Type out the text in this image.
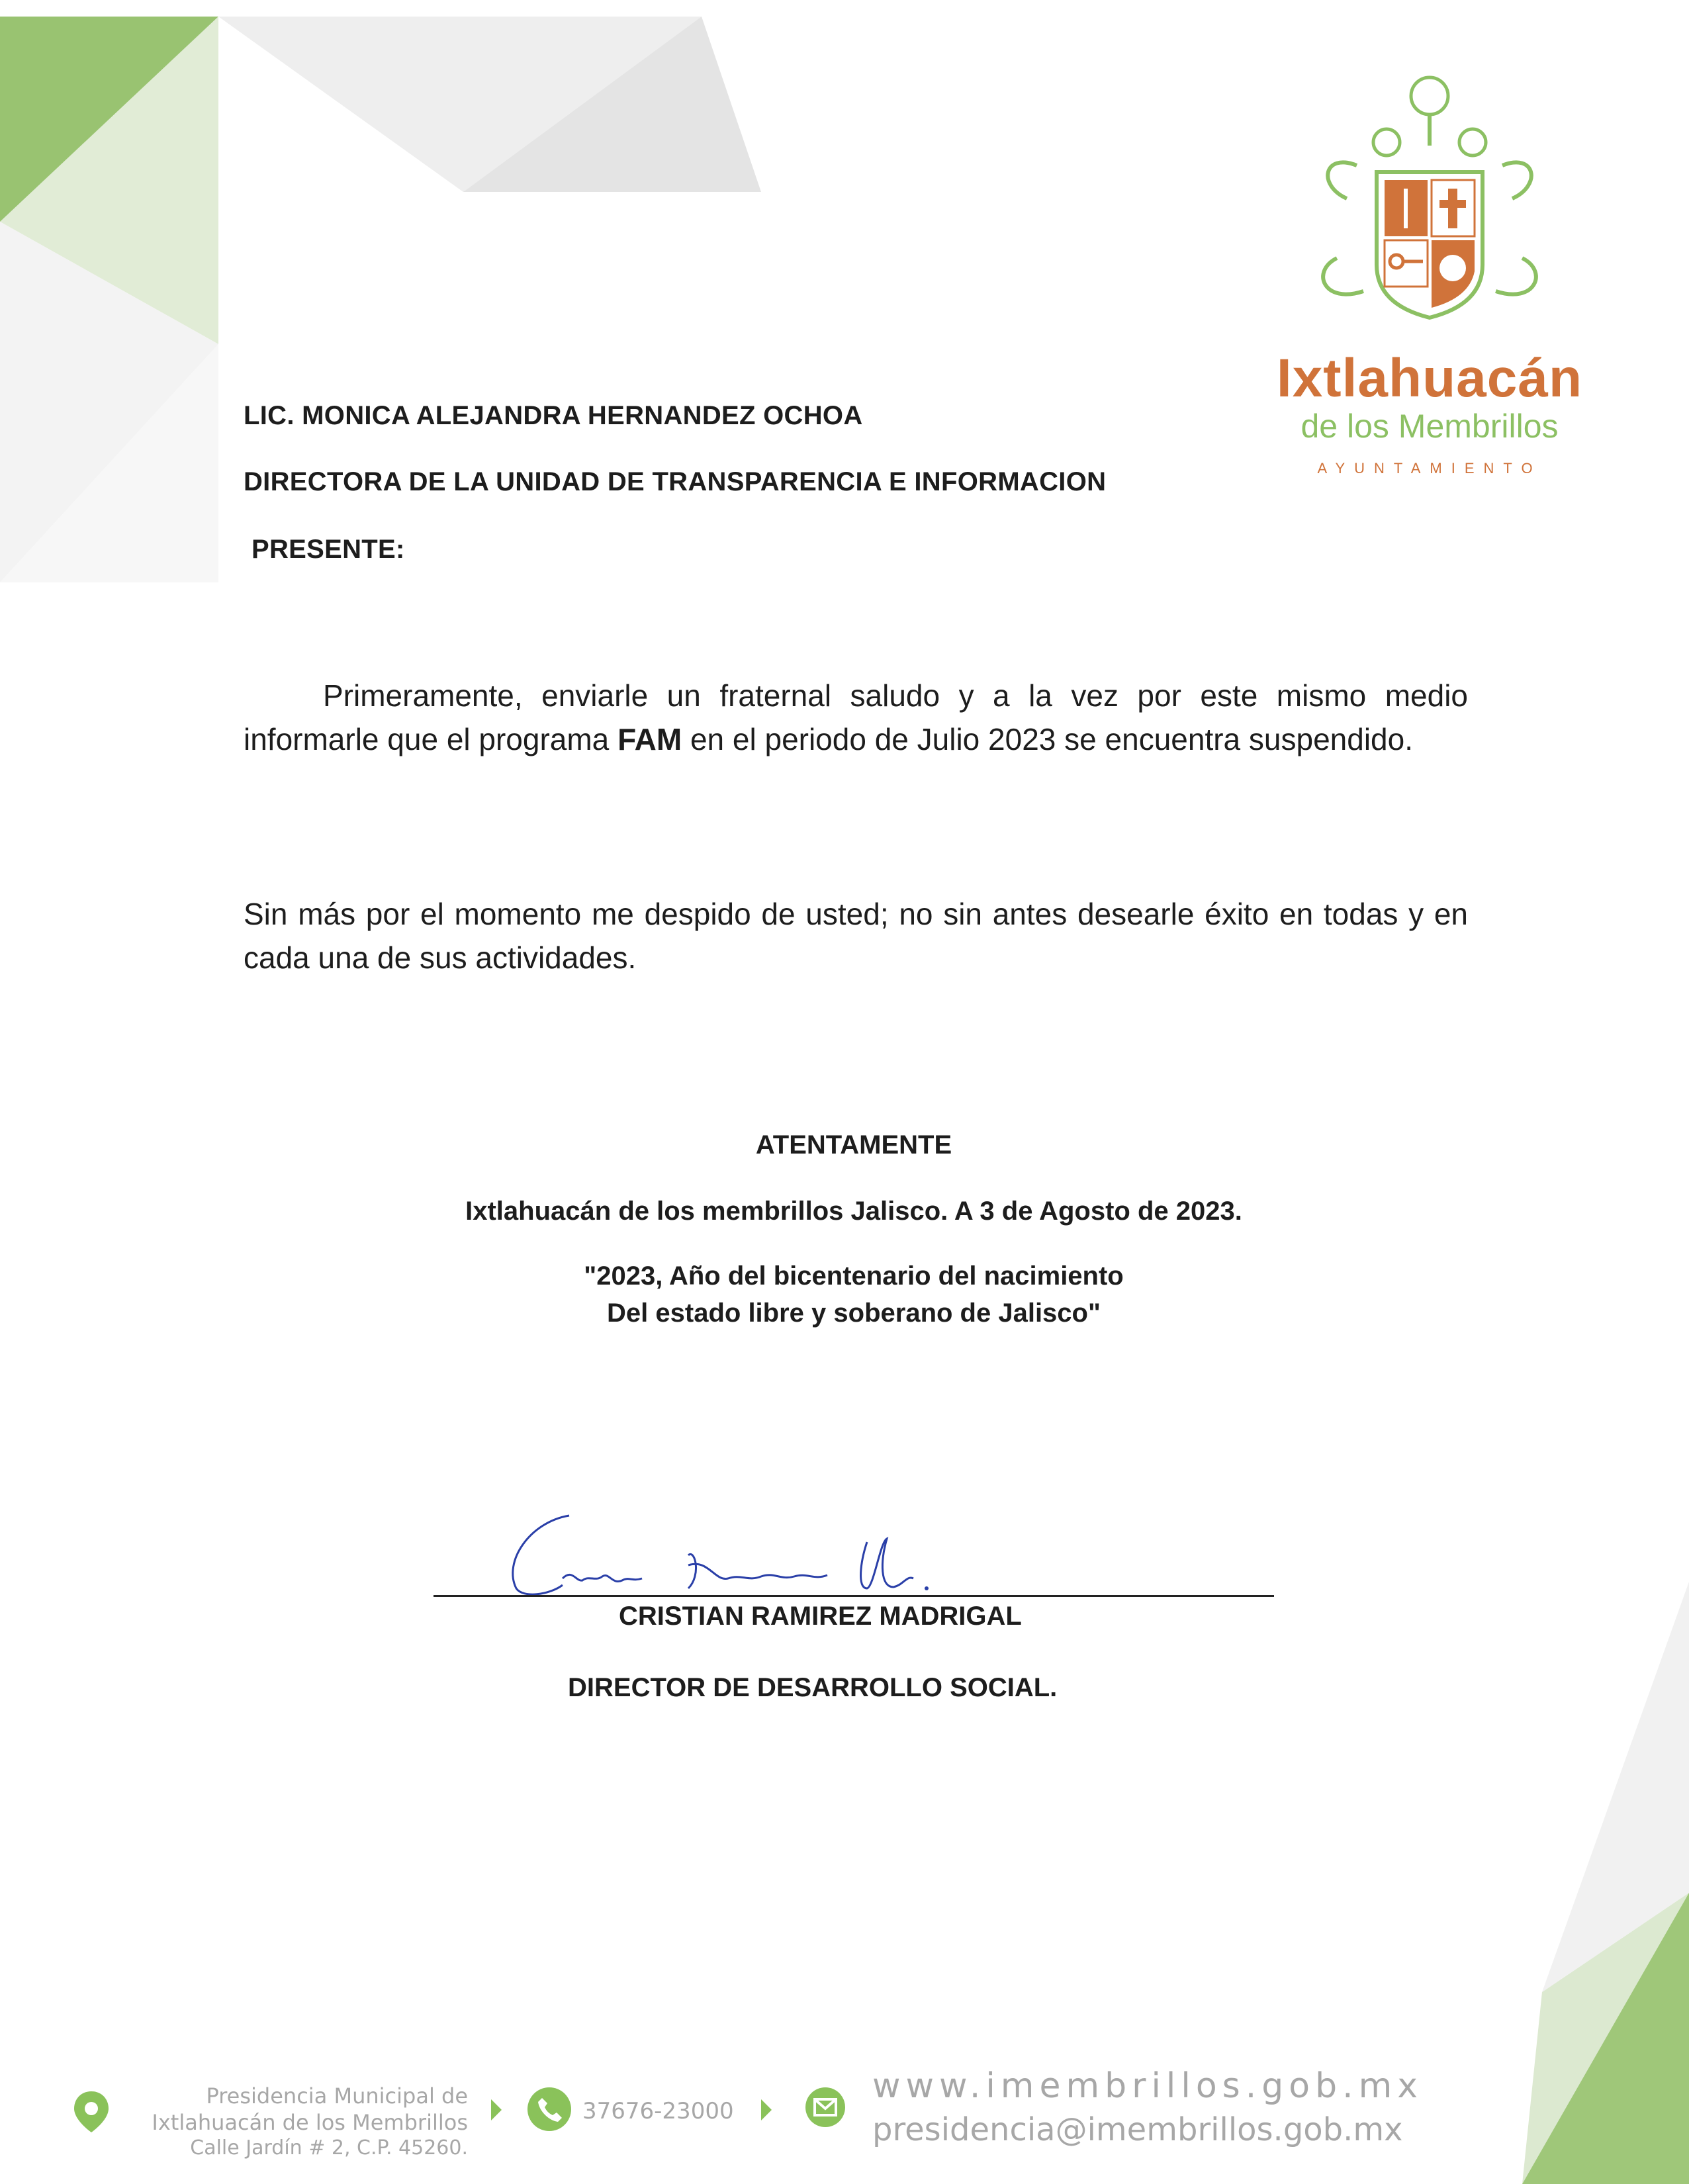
Ixtlahuacán
de los Membrillos
AYUNTAMIENTO
LIC. MONICA ALEJANDRA HERNANDEZ OCHOA
DIRECTORA DE LA UNIDAD DE TRANSPARENCIA E INFORMACION
PRESENTE:
Primeramente, enviarle un fraternal saludo y a la vez por este mismo medio informarle que el programa FAM en el periodo de Julio 2023 se encuentra suspendido.
Sin más por el momento me despido de usted; no sin antes desearle éxito en todas y en cada una de sus actividades.
ATENTAMENTE
Ixtlahuacán de los membrillos Jalisco. A 3 de Agosto de 2023.
"2023, Año del bicentenario del nacimiento
Del estado libre y soberano de Jalisco"
CRISTIAN RAMIREZ MADRIGAL
DIRECTOR DE DESARROLLO SOCIAL.
Presidencia Municipal de
Ixtlahuacán de los Membrillos
Calle Jardín # 2, C.P. 45260.
37676-23000
www.imembrillos.gob.mx
presidencia@imembrillos.gob.mx
